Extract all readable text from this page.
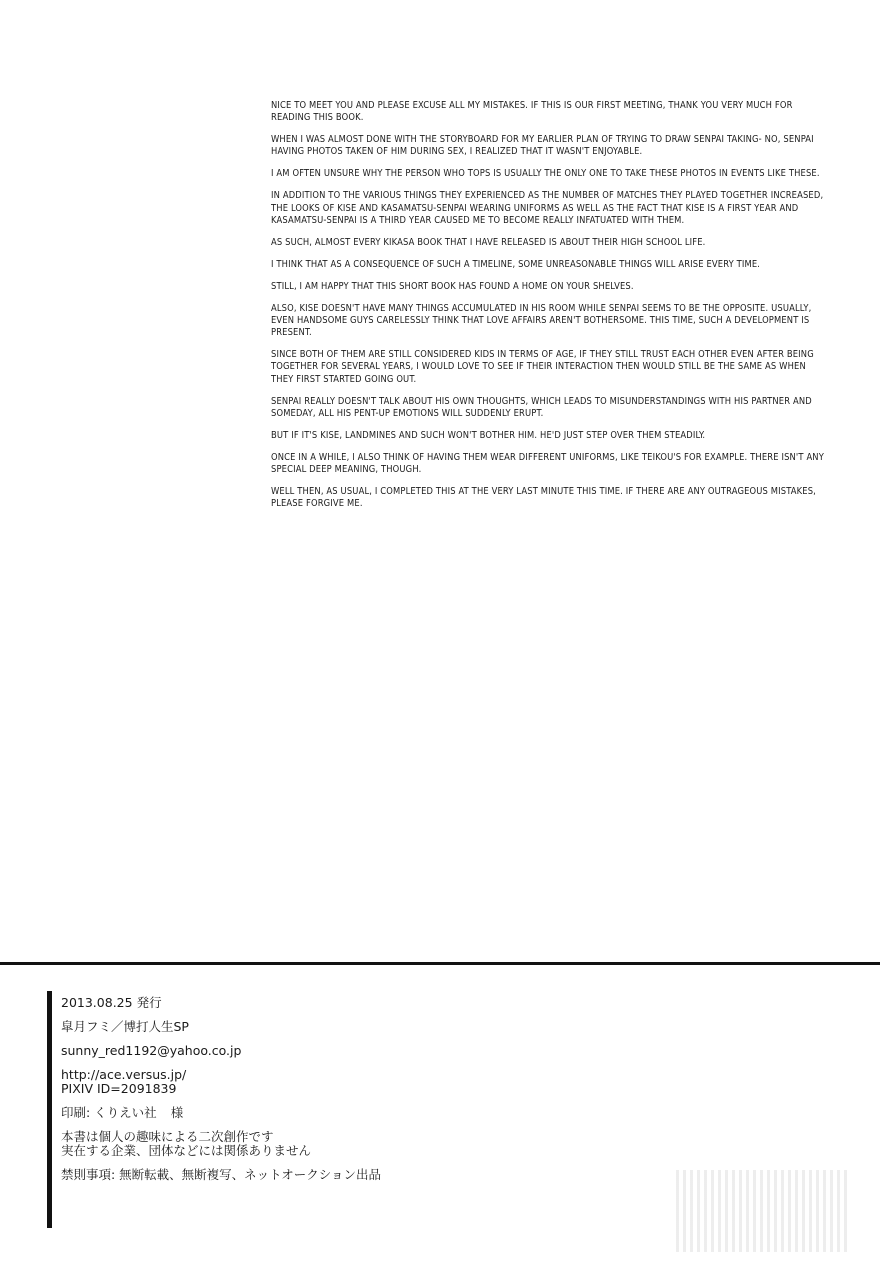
NICE TO MEET YOU AND PLEASE EXCUSE ALL MY MISTAKES. IF THIS IS OUR FIRST MEETING, THANK YOU VERY MUCH FOR READING THIS BOOK.

WHEN I WAS ALMOST DONE WITH THE STORYBOARD FOR MY EARLIER PLAN OF TRYING TO DRAW SENPAI TAKING- NO, SENPAI HAVING PHOTOS TAKEN OF HIM DURING SEX, I REALIZED THAT IT WASN'T ENJOYABLE.

I AM OFTEN UNSURE WHY THE PERSON WHO TOPS IS USUALLY THE ONLY ONE TO TAKE THESE PHOTOS IN EVENTS LIKE THESE.

IN ADDITION TO THE VARIOUS THINGS THEY EXPERIENCED AS THE NUMBER OF MATCHES THEY PLAYED TOGETHER INCREASED, THE LOOKS OF KISE AND KASAMATSU-SENPAI WEARING UNIFORMS AS WELL AS THE FACT THAT KISE IS A FIRST YEAR AND KASAMATSU-SENPAI IS A THIRD YEAR CAUSED ME TO BECOME REALLY INFATUATED WITH THEM.

AS SUCH, ALMOST EVERY KIKASA BOOK THAT I HAVE RELEASED IS ABOUT THEIR HIGH SCHOOL LIFE.

I THINK THAT AS A CONSEQUENCE OF SUCH A TIMELINE, SOME UNREASONABLE THINGS WILL ARISE EVERY TIME.

STILL, I AM HAPPY THAT THIS SHORT BOOK HAS FOUND A HOME ON YOUR SHELVES.

ALSO, KISE DOESN'T HAVE MANY THINGS ACCUMULATED IN HIS ROOM WHILE SENPAI SEEMS TO BE THE OPPOSITE. USUALLY, EVEN HANDSOME GUYS CARELESSLY THINK THAT LOVE AFFAIRS AREN'T BOTHERSOME. THIS TIME, SUCH A DEVELOPMENT IS PRESENT.

SINCE BOTH OF THEM ARE STILL CONSIDERED KIDS IN TERMS OF AGE, IF THEY STILL TRUST EACH OTHER EVEN AFTER BEING TOGETHER FOR SEVERAL YEARS, I WOULD LOVE TO SEE IF THEIR INTERACTION THEN WOULD STILL BE THE SAME AS WHEN THEY FIRST STARTED GOING OUT.

SENPAI REALLY DOESN'T TALK ABOUT HIS OWN THOUGHTS, WHICH LEADS TO MISUNDERSTANDINGS WITH HIS PARTNER AND SOMEDAY, ALL HIS PENT-UP EMOTIONS WILL SUDDENLY ERUPT.

BUT IF IT'S KISE, LANDMINES AND SUCH WON'T BOTHER HIM. HE'D JUST STEP OVER THEM STEADILY.

ONCE IN A WHILE, I ALSO THINK OF HAVING THEM WEAR DIFFERENT UNIFORMS, LIKE TEIKOU'S FOR EXAMPLE. THERE ISN'T ANY SPECIAL DEEP MEANING, THOUGH.

WELL THEN, AS USUAL, I COMPLETED THIS AT THE VERY LAST MINUTE THIS TIME. IF THERE ARE ANY OUTRAGEOUS MISTAKES, PLEASE FORGIVE ME.

2013.08.25 発行
皐月フミ／博打人生SP
sunny_red1192@yahoo.co.jp
http://ace.versus.jp/
PIXIV ID=2091839
印刷: くりえい社 様
本書は個人の趣味による二次創作です
実在する企業、団体などには関係ありません
禁則事項: 無断転載、無断複写、ネットオークション出品
